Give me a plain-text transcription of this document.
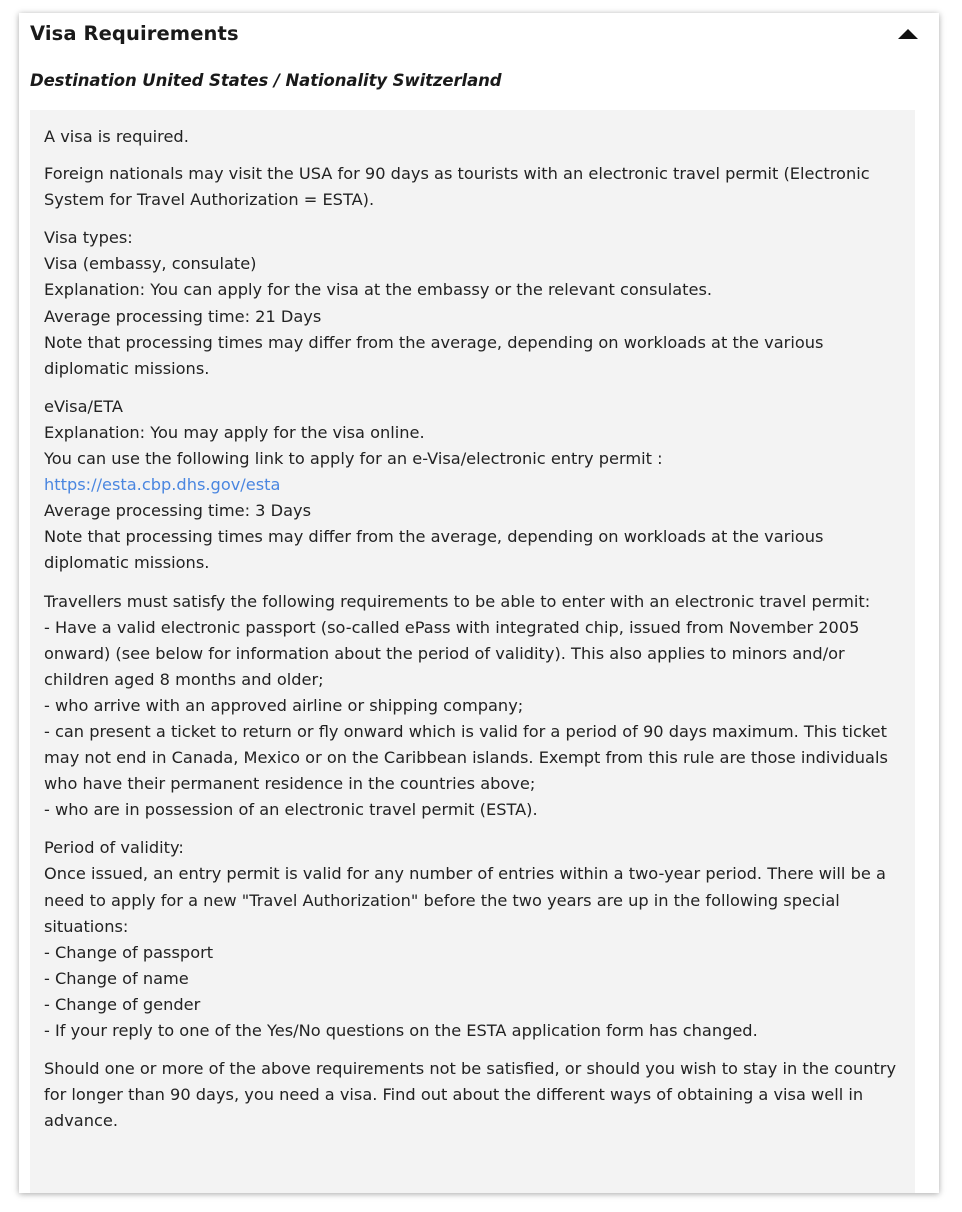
Visa Requirements
Destination United States / Nationality Switzerland

A visa is required.

Foreign nationals may visit the USA for 90 days as tourists with an electronic travel permit (Electronic System for Travel Authorization = ESTA).

Visa types:
Visa (embassy, consulate)
Explanation: You can apply for the visa at the embassy or the relevant consulates.
Average processing time: 21 Days
Note that processing times may differ from the average, depending on workloads at the various diplomatic missions.

eVisa/ETA
Explanation: You may apply for the visa online.
You can use the following link to apply for an e-Visa/electronic entry permit :
https://esta.cbp.dhs.gov/esta
Average processing time: 3 Days
Note that processing times may differ from the average, depending on workloads at the various diplomatic missions.

Travellers must satisfy the following requirements to be able to enter with an electronic travel permit:
- Have a valid electronic passport (so-called ePass with integrated chip, issued from November 2005 onward) (see below for information about the period of validity). This also applies to minors and/or children aged 8 months and older;
- who arrive with an approved airline or shipping company;
- can present a ticket to return or fly onward which is valid for a period of 90 days maximum. This ticket may not end in Canada, Mexico or on the Caribbean islands. Exempt from this rule are those individuals who have their permanent residence in the countries above;
- who are in possession of an electronic travel permit (ESTA).

Period of validity:
Once issued, an entry permit is valid for any number of entries within a two-year period. There will be a need to apply for a new "Travel Authorization" before the two years are up in the following special situations:
- Change of passport
- Change of name
- Change of gender
- If your reply to one of the Yes/No questions on the ESTA application form has changed.

Should one or more of the above requirements not be satisfied, or should you wish to stay in the country for longer than 90 days, you need a visa. Find out about the different ways of obtaining a visa well in advance.
